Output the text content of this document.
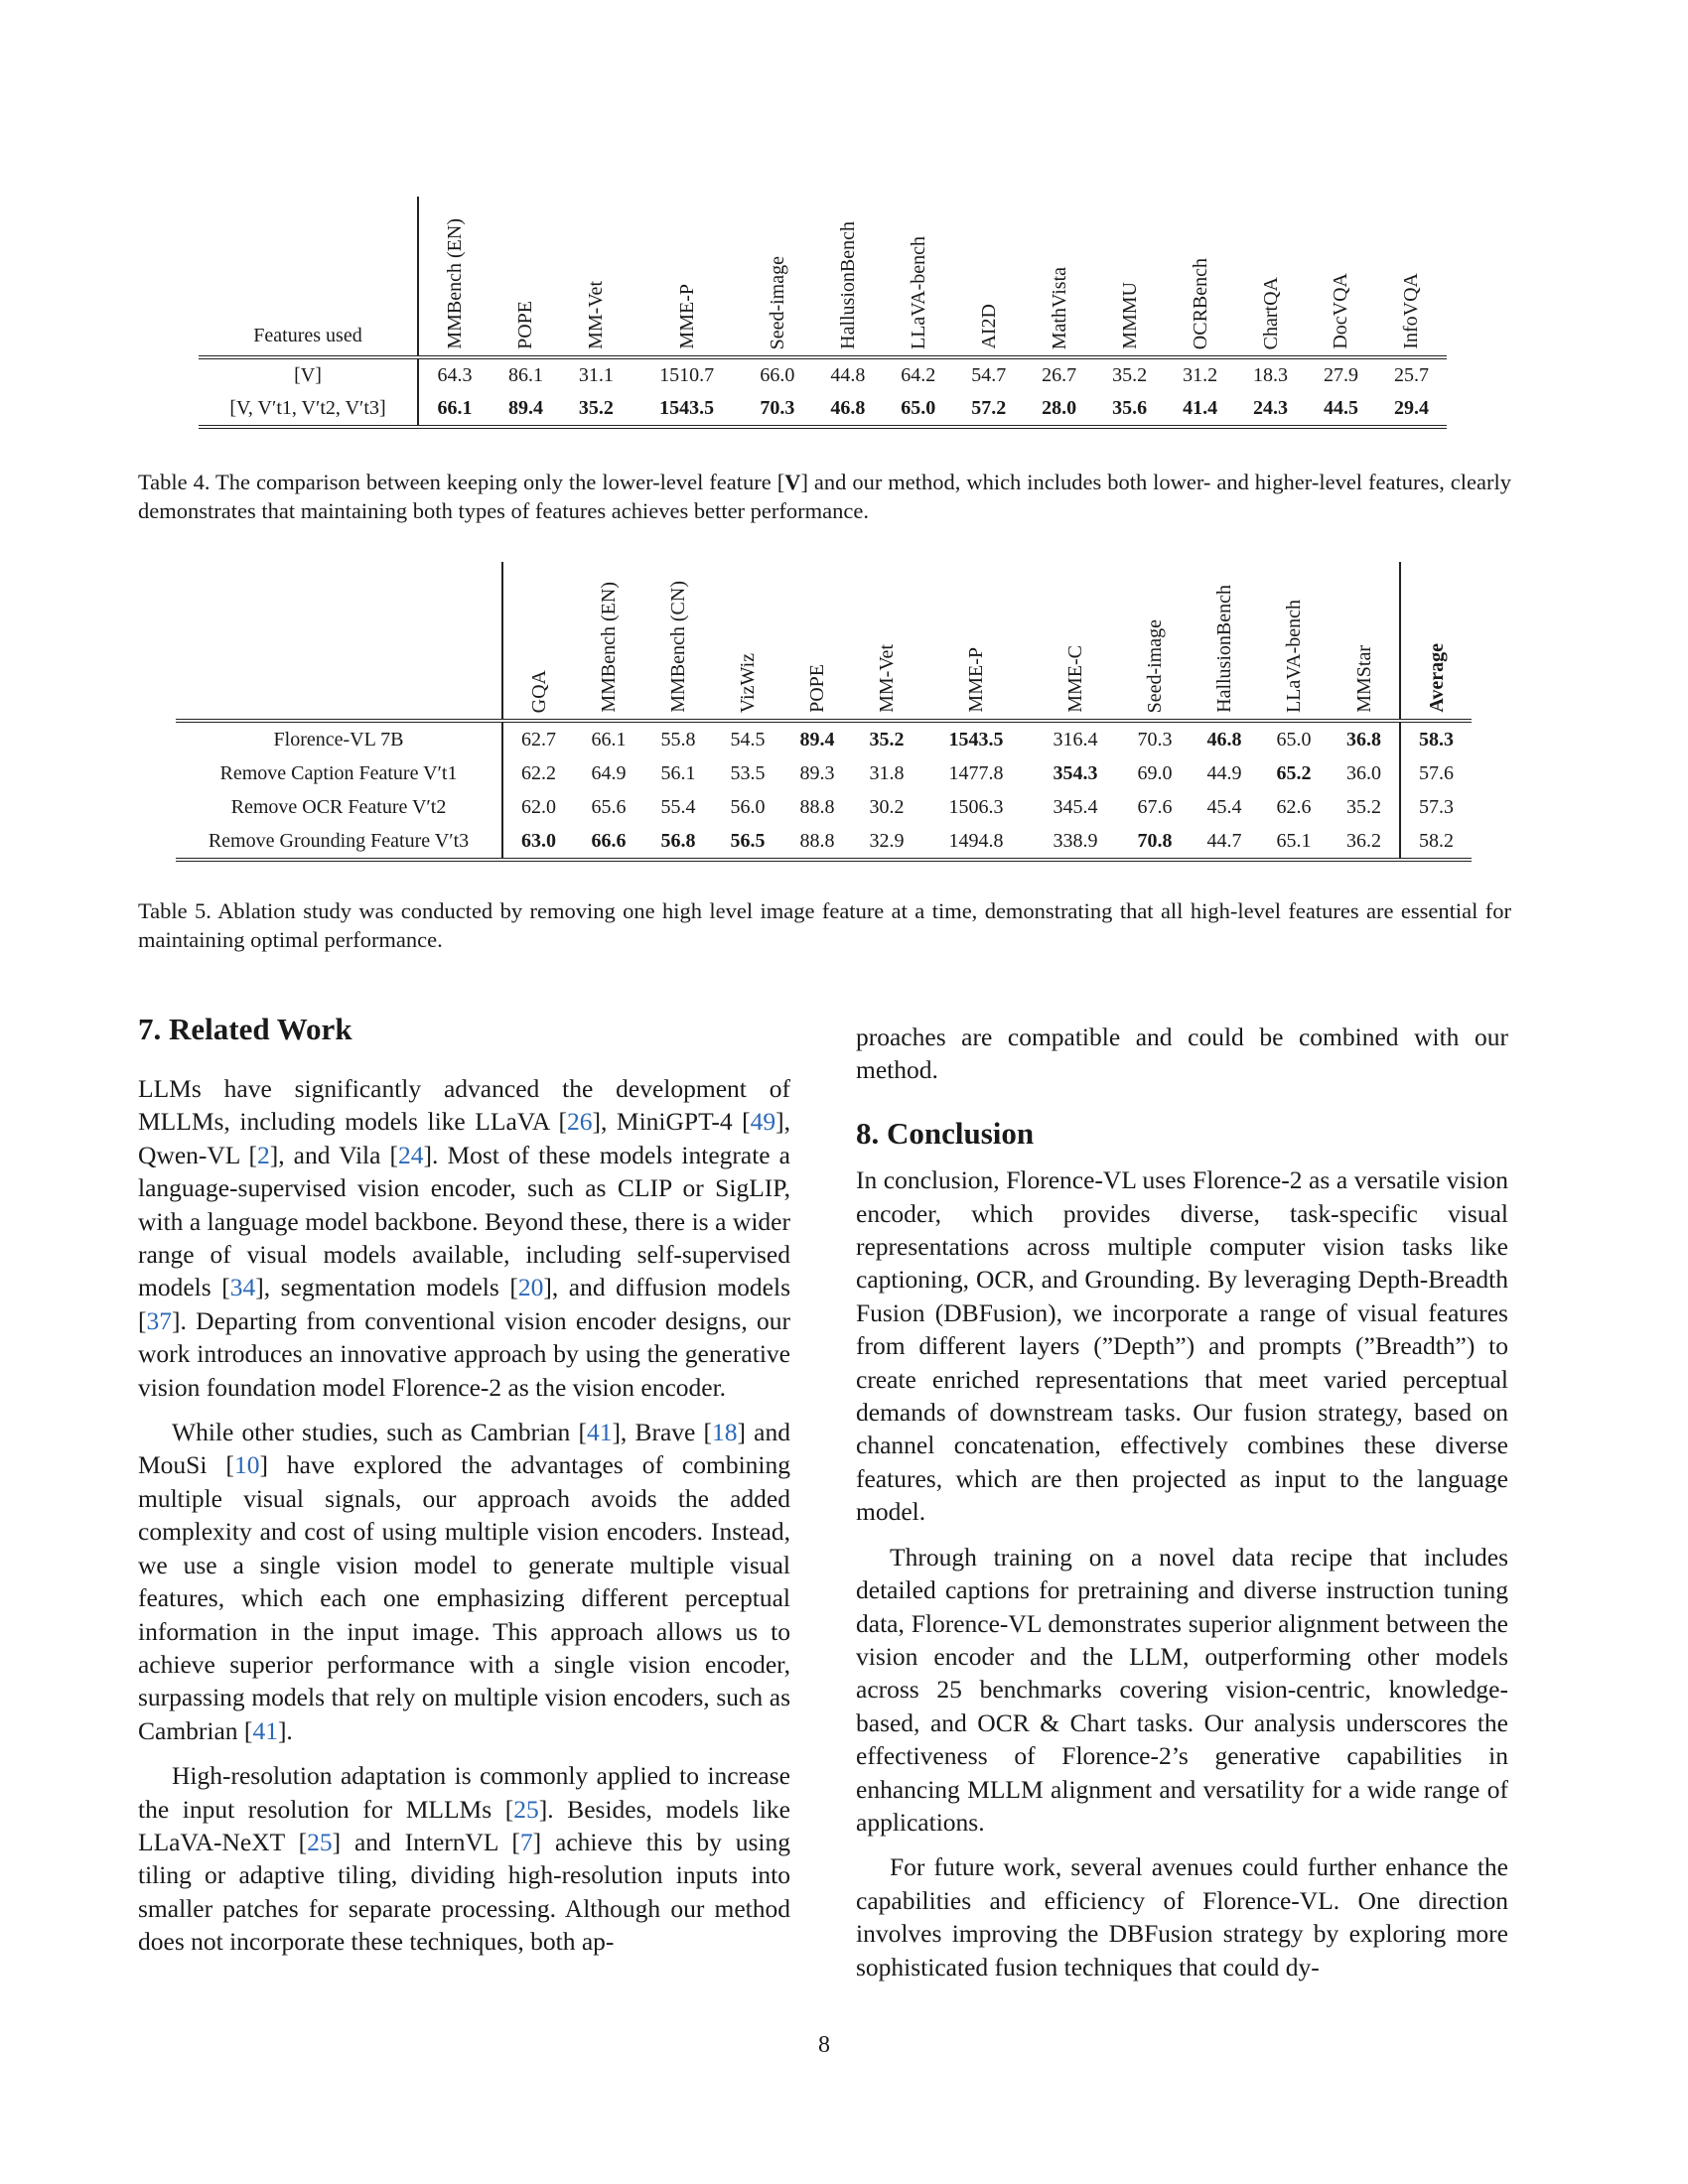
Features used	MMBench (EN)	POPE	MM-Vet	MME-P	Seed-image	HallusionBench	LLaVA-bench	AI2D	MathVista	MMMU	OCRBench	ChartQA	DocVQA	InfoVQA
[V]	64.3	86.1	31.1	1510.7	66.0	44.8	64.2	54.7	26.7	35.2	31.2	18.3	27.9	25.7
[V, V′t1, V′t2, V′t3]	66.1	89.4	35.2	1543.5	70.3	46.8	65.0	57.2	28.0	35.6	41.4	24.3	44.5	29.4
Table 4. The comparison between keeping only the lower-level feature [V] and our method, which includes both lower- and higher-level features, clearly demonstrates that maintaining both types of features achieves better performance.
	GQA	MMBench (EN)	MMBench (CN)	VizWiz	POPE	MM-Vet	MME-P	MME-C	Seed-image	HallusionBench	LLaVA-bench	MMStar	Average
Florence-VL 7B	62.7	66.1	55.8	54.5	89.4	35.2	1543.5	316.4	70.3	46.8	65.0	36.8	58.3
Remove Caption Feature V′t1	62.2	64.9	56.1	53.5	89.3	31.8	1477.8	354.3	69.0	44.9	65.2	36.0	57.6
Remove OCR Feature V′t2	62.0	65.6	55.4	56.0	88.8	30.2	1506.3	345.4	67.6	45.4	62.6	35.2	57.3
Remove Grounding Feature V′t3	63.0	66.6	56.8	56.5	88.8	32.9	1494.8	338.9	70.8	44.7	65.1	36.2	58.2
Table 5. Ablation study was conducted by removing one high level image feature at a time, demonstrating that all high-level features are essential for maintaining optimal performance.
7. Related Work

LLMs have significantly advanced the development of MLLMs, including models like LLaVA [26], MiniGPT-4 [49], Qwen-VL [2], and Vila [24]. Most of these models integrate a language-supervised vision encoder, such as CLIP or SigLIP, with a language model backbone. Beyond these, there is a wider range of visual models available, including self-supervised models [34], segmentation models [20], and diffusion models [37]. Departing from conventional vision encoder designs, our work introduces an innovative approach by using the generative vision foundation model Florence-2 as the vision encoder.

While other studies, such as Cambrian [41], Brave [18] and MouSi [10] have explored the advantages of combining multiple visual signals, our approach avoids the added complexity and cost of using multiple vision encoders. Instead, we use a single vision model to generate multiple visual features, which each one emphasizing different perceptual information in the input image. This approach allows us to achieve superior performance with a single vision encoder, surpassing models that rely on multiple vision encoders, such as Cambrian [41].

High-resolution adaptation is commonly applied to increase the input resolution for MLLMs [25]. Besides, models like LLaVA-NeXT [25] and InternVL [7] achieve this by using tiling or adaptive tiling, dividing high-resolution inputs into smaller patches for separate processing. Although our method does not incorporate these techniques, both ap-

proaches are compatible and could be combined with our method.

8. Conclusion

In conclusion, Florence-VL uses Florence-2 as a versatile vision encoder, which provides diverse, task-specific visual representations across multiple computer vision tasks like captioning, OCR, and Grounding. By leveraging Depth-Breadth Fusion (DBFusion), we incorporate a range of visual features from different layers (”Depth”) and prompts (”Breadth”) to create enriched representations that meet varied perceptual demands of downstream tasks. Our fusion strategy, based on channel concatenation, effectively combines these diverse features, which are then projected as input to the language model.

Through training on a novel data recipe that includes detailed captions for pretraining and diverse instruction tuning data, Florence-VL demonstrates superior alignment between the vision encoder and the LLM, outperforming other models across 25 benchmarks covering vision-centric, knowledge-based, and OCR & Chart tasks. Our analysis underscores the effectiveness of Florence-2’s generative capabilities in enhancing MLLM alignment and versatility for a wide range of applications.

For future work, several avenues could further enhance the capabilities and efficiency of Florence-VL. One direction involves improving the DBFusion strategy by exploring more sophisticated fusion techniques that could dy-

8
